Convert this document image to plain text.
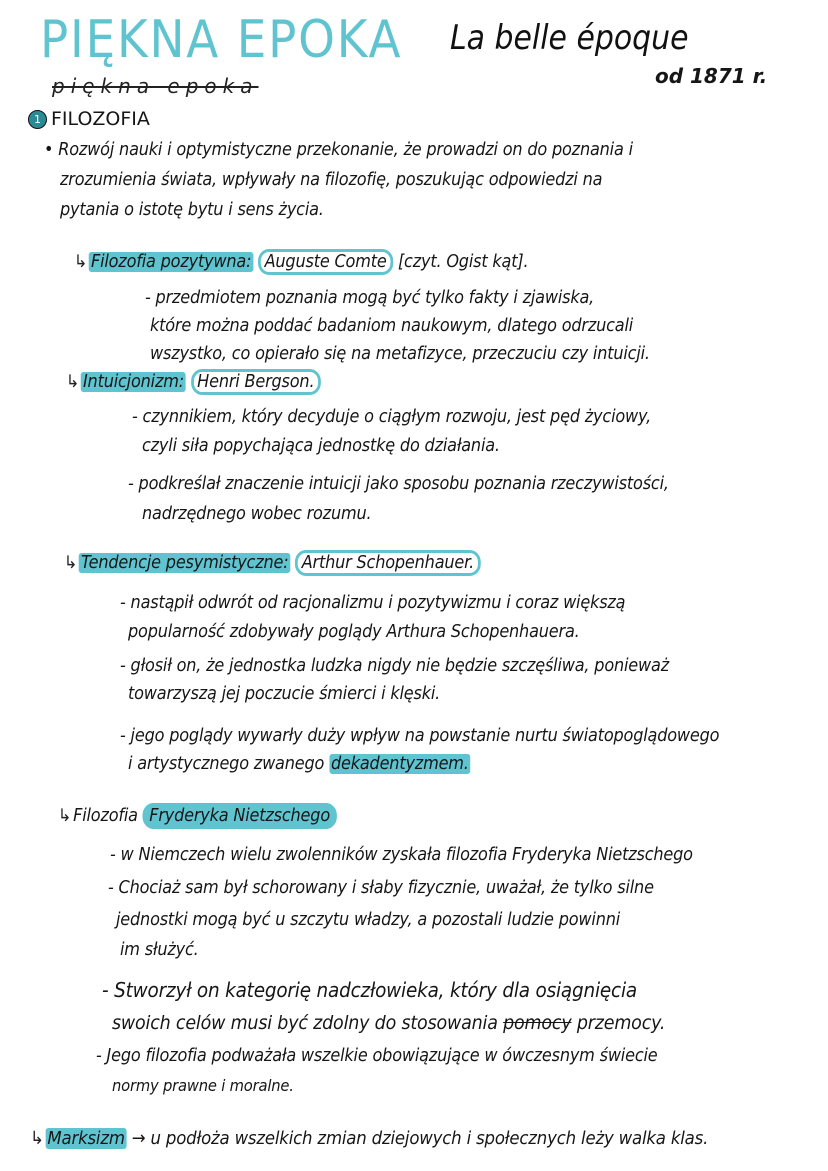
PIĘKNA EPOKA
piękna epoka
La belle époque
od 1871 r.
1 FILOZOFIA
• Rozwój nauki i optymistyczne przekonanie, że prowadzi on do poznania i
zrozumienia świata, wpływały na filozofię, poszukując odpowiedzi na
pytania o istotę bytu i sens życia.
↳ Filozofia pozytywna: Auguste Comte [czyt. Ogist kąt].
- przedmiotem poznania mogą być tylko fakty i zjawiska,
które można poddać badaniom naukowym, dlatego odrzucali
wszystko, co opierało się na metafizyce, przeczuciu czy intuicji.
↳ Intuicjonizm: Henri Bergson.
- czynnikiem, który decyduje o ciągłym rozwoju, jest pęd życiowy,
czyli siła popychająca jednostkę do działania.
- podkreślał znaczenie intuicji jako sposobu poznania rzeczywistości,
nadrzędnego wobec rozumu.
↳ Tendencje pesymistyczne: Arthur Schopenhauer.
- nastąpił odwrót od racjonalizmu i pozytywizmu i coraz większą
popularność zdobywały poglądy Arthura Schopenhauera.
- głosił on, że jednostka ludzka nigdy nie będzie szczęśliwa, ponieważ
towarzyszą jej poczucie śmierci i klęski.
- jego poglądy wywarły duży wpływ na powstanie nurtu światopoglądowego
i artystycznego zwanego dekadentyzmem.
↳ Filozofia Fryderyka Nietzschego
- w Niemczech wielu zwolenników zyskała filozofia Fryderyka Nietzschego
- Chociaż sam był schorowany i słaby fizycznie, uważał, że tylko silne
jednostki mogą być u szczytu władzy, a pozostali ludzie powinni
im służyć.
- Stworzył on kategorię nadczłowieka, który dla osiągnięcia
swoich celów musi być zdolny do stosowania pomocy przemocy.
- Jego filozofia podważała wszelkie obowiązujące w ówczesnym świecie
normy prawne i moralne.
↳ Marksizm → u podłoża wszelkich zmian dziejowych i społecznych leży walka klas.
